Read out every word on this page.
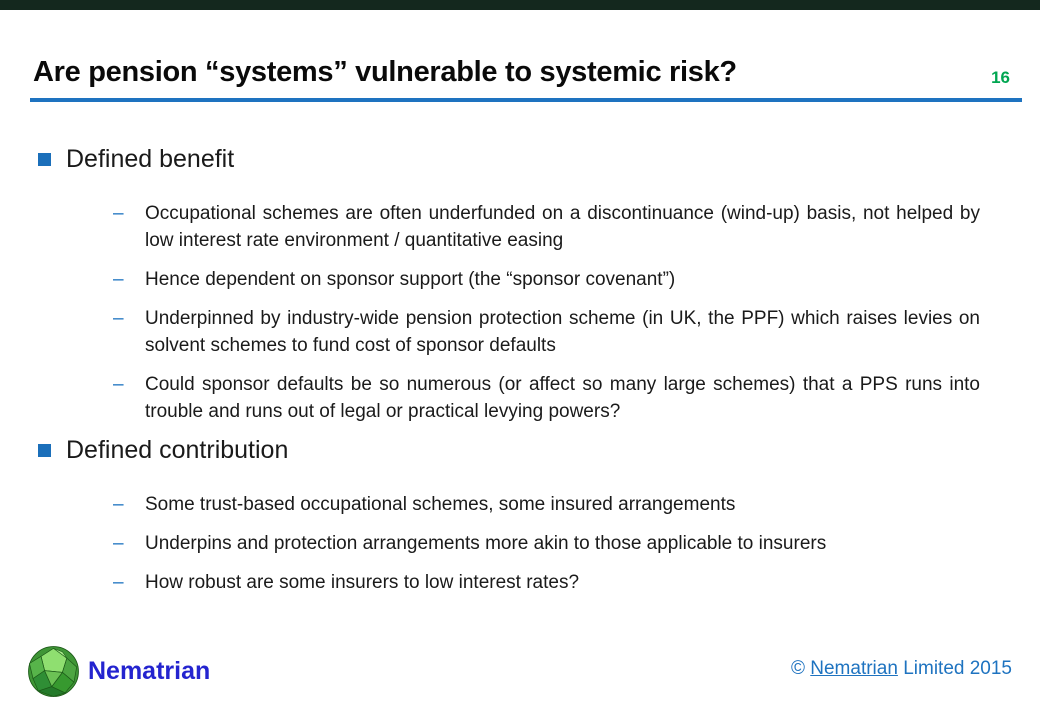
Are pension “systems” vulnerable to systemic risk?	16
Defined benefit
–	Occupational schemes are often underfunded on a discontinuance (wind-up) basis, not helped by low interest rate environment / quantitative easing
–	Hence dependent on sponsor support (the “sponsor covenant”)
–	Underpinned by industry-wide pension protection scheme (in UK, the PPF) which raises levies on solvent schemes to fund cost of sponsor defaults
–	Could sponsor defaults be so numerous (or affect so many large schemes) that a PPS runs into trouble and runs out of legal or practical levying powers?
Defined contribution
–	Some trust-based occupational schemes, some insured arrangements
–	Underpins and protection arrangements more akin to those applicable to insurers
–	How robust are some insurers to low interest rates?
Nematrian	© Nematrian Limited 2015
